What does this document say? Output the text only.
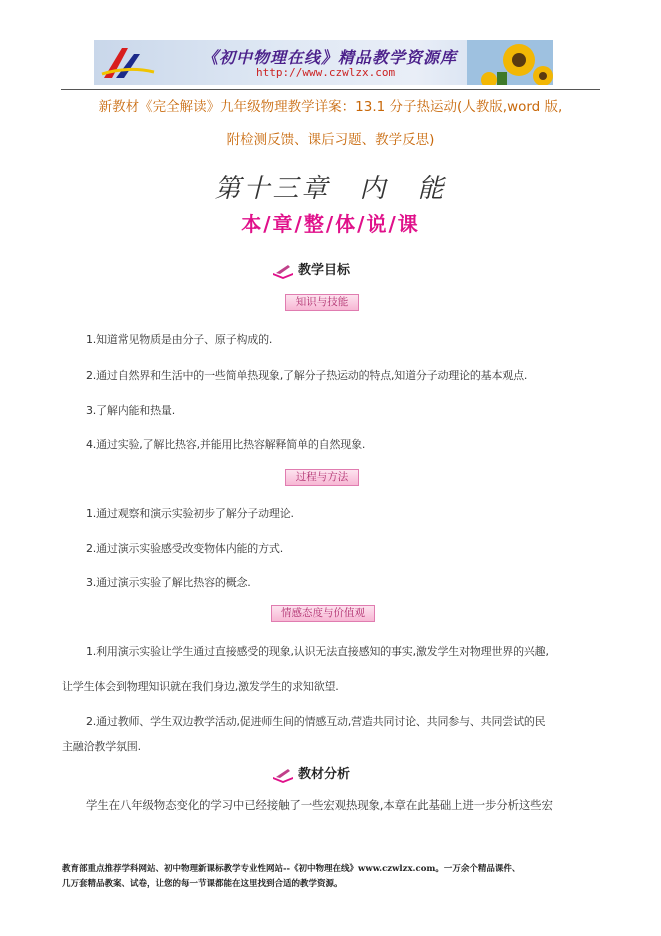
《初中物理在线》精品教学资源库
http://www.czwlzx.com
新教材《完全解读》九年级物理教学详案：13.1 分子热运动(人教版,word 版,
附检测反馈、课后习题、教学反思)
第十三章　内　能
本/章/整/体/说/课
教学目标
知识与技能
1.知道常见物质是由分子、原子构成的.
2.通过自然界和生活中的一些简单热现象,了解分子热运动的特点,知道分子动理论的基本观点.
3.了解内能和热量.
4.通过实验,了解比热容,并能用比热容解释简单的自然现象.
过程与方法
1.通过观察和演示实验初步了解分子动理论.
2.通过演示实验感受改变物体内能的方式.
3.通过演示实验了解比热容的概念.
情感态度与价值观
1.利用演示实验让学生通过直接感受的现象,认识无法直接感知的事实,激发学生对物理世界的兴趣,
让学生体会到物理知识就在我们身边,激发学生的求知欲望.
2.通过教师、学生双边教学活动,促进师生间的情感互动,营造共同讨论、共同参与、共同尝试的民
主融洽教学氛围.
教材分析
学生在八年级物态变化的学习中已经接触了一些宏观热现象,本章在此基础上进一步分析这些宏
教育部重点推荐学科网站、初中物理新课标教学专业性网站--《初中物理在线》www.czwlzx.com。一万余个精品课件、
几万套精品教案、试卷，让您的每一节课都能在这里找到合适的教学资源。
